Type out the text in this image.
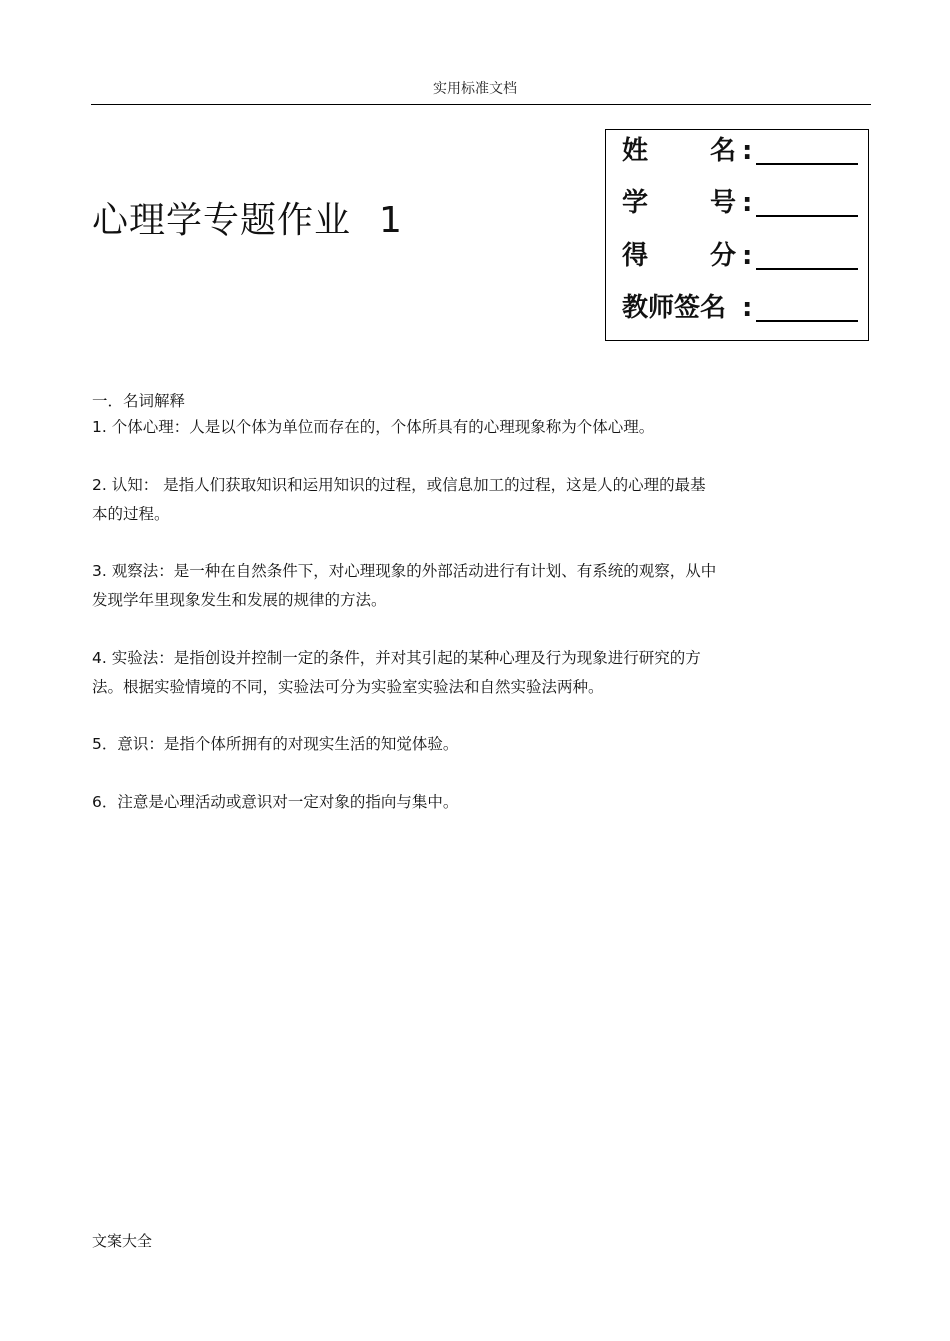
实用标准文档
心理学专题作业 1
姓 名 :
学 号 :
得 分 :
教师签名 :
一．名词解释
1. 个体心理：人是以个体为单位而存在的，个体所具有的心理现象称为个体心理。
2. 认知： 是指人们获取知识和运用知识的过程，或信息加工的过程，这是人的心理的最基
本的过程。
3. 观察法：是一种在自然条件下，对心理现象的外部活动进行有计划、有系统的观察，从中
发现学年里现象发生和发展的规律的方法。
4. 实验法：是指创设并控制一定的条件，并对其引起的某种心理及行为现象进行研究的方
法。根据实验情境的不同，实验法可分为实验室实验法和自然实验法两种。
5．意识：是指个体所拥有的对现实生活的知觉体验。
6．注意是心理活动或意识对一定对象的指向与集中。
文案大全
